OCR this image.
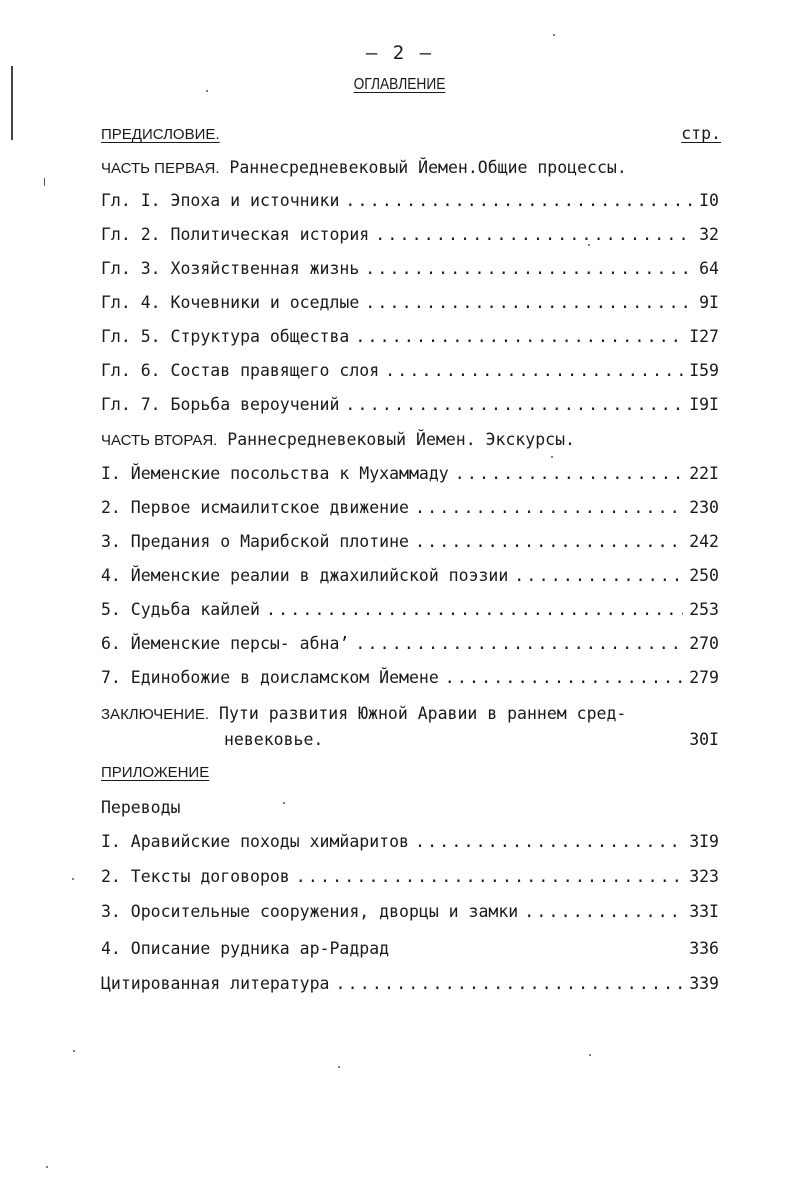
– 2 –
ОГЛАВЛЕНИЕ
ПРЕДИСЛОВИЕ.	стр.
ЧАСТЬ ПЕРВАЯ. Раннесредневековый Йемен.Общие процессы.
Гл. I. Эпоха и источники .....	I0
Гл. 2. Политическая история .....	32
Гл. 3. Хозяйственная жизнь .....	64
Гл. 4. Кочевники и оседлые .....	9I
Гл. 5. Структура общества .....	I27
Гл. 6. Состав правящего слоя .....	I59
Гл. 7. Борьба вероучений .....	I9I
ЧАСТЬ ВТОРАЯ. Раннесредневековый Йемен. Экскурсы.
I. Йеменские посольства к Мухаммаду .....	22I
2. Первое исмаилитское движение .....	230
3. Предания о Марибской плотине .....	242
4. Йеменские реалии в джахилийской поэзии .....	250
5. Судьба кайлей .....	253
6. Йеменские персы- абна’ .....	270
7. Единобожие в доисламском Йемене .....	279
ЗАКЛЮЧЕНИЕ. Пути развития Южной Аравии в раннем сред-
невековье.	30I
ПРИЛОЖЕНИЕ
Переводы
I. Аравийские походы химйаритов .....	3I9
2. Тексты договоров .....	323
3. Оросительные сооружения, дворцы и замки .....	33I
4. Описание рудника ар-Радрад	336
Цитированная литература .....	339
